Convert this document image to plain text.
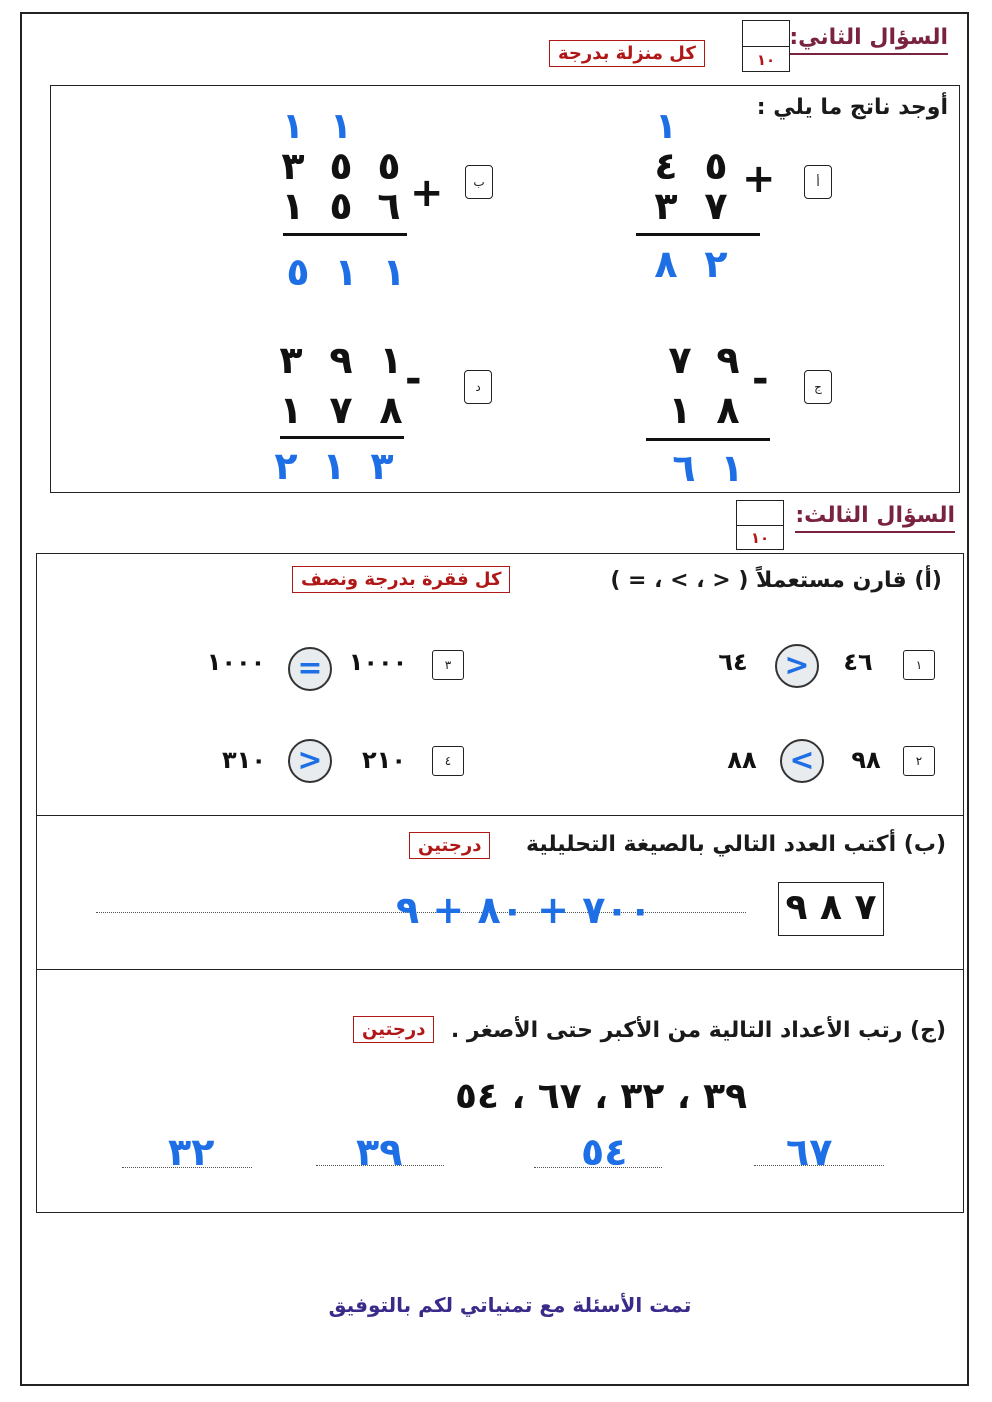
السؤال الثاني:
١٠
كل منزلة بدرجة
أوجد ناتج ما يلي :
أ
+
١
٤ ٥
٣ ٧
٨ ٢
ب
+
١ ١
٣ ٥ ٥
١ ٥ ٦
٥ ١ ١
ج
-
٧ ٩
١ ٨
٦ ١
د
-
٣ ٩ ١
١ ٧ ٨
٢ ١ ٣
السؤال الثالث:
١٠
(أ) قارن مستعملاً ( < ، > ، = )
كل فقرة بدرجة ونصف
١
٤٦
>
٦٤
٢
٩٨
<
٨٨
٣
١٠٠٠
=
١٠٠٠
٤
٢١٠
>
٣١٠
(ب) أكتب العدد التالي بالصيغة التحليلية
درجتين
٧ ٨ ٩
٧٠٠ + ٨٠ + ٩
(ج) رتب الأعداد التالية من الأكبر حتى الأصغر .
درجتين
٣٩ ، ٣٢ ، ٦٧ ، ٥٤
٦٧
٥٤
٣٩
٣٢
تمت الأسئلة مع تمنياتي لكم بالتوفيق
